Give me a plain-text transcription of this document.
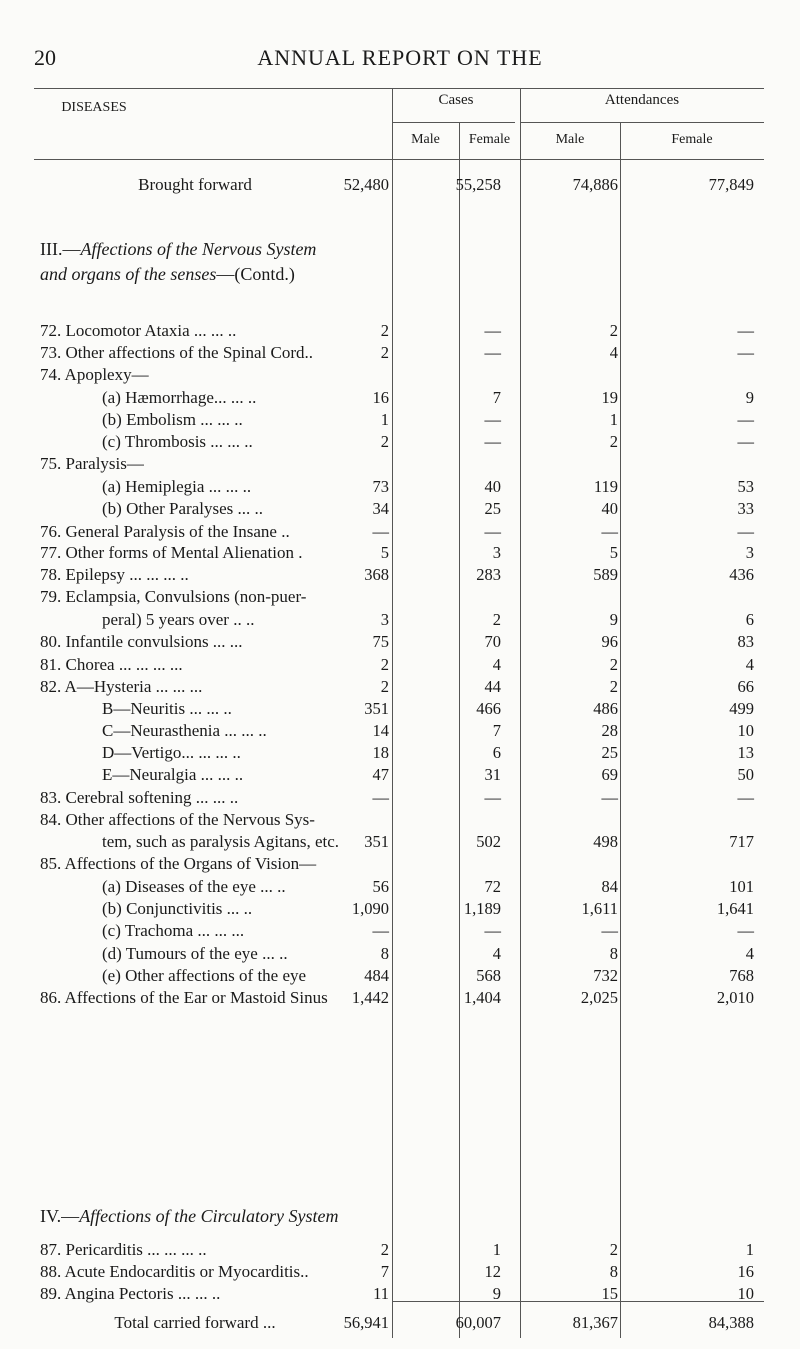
20	ANNUAL REPORT ON THE
DISEASES	Cases	Attendances
Male	Female	Male	Female
Brought forward	52,480	55,258	74,886	77,849
III.—Affections of the Nervous System
and organs of the senses—(Contd.)
72. Locomotor Ataxia ... ... ..	2	—	2	—
73. Other affections of the Spinal Cord..	2	—	4	—
74. Apoplexy—
(a) Hæmorrhage... ... ..	16	7	19	9
(b) Embolism ... ... ..	1	—	1	—
(c) Thrombosis ... ... ..	2	—	2	—
75. Paralysis—
(a) Hemiplegia ... ... ..	73	40	119	53
(b) Other Paralyses ... ..	34	25	40	33
76. General Paralysis of the Insane ..	—	—	—	—
77. Other forms of Mental Alienation .	5	3	5	3
78. Epilepsy ... ... ... ..	368	283	589	436
79. Eclampsia, Convulsions (non-puer-
peral) 5 years over .. ..	3	2	9	6
80. Infantile convulsions ... ...	75	70	96	83
81. Chorea ... ... ... ...	2	4	2	4
82. A—Hysteria ... ... ...	2	44	2	66
B—Neuritis ... ... ..	351	466	486	499
C—Neurasthenia ... ... ..	14	7	28	10
D—Vertigo... ... ... ..	18	6	25	13
E—Neuralgia ... ... ..	47	31	69	50
83. Cerebral softening ... ... ..	—	—	—	—
84. Other affections of the Nervous Sys-
tem, such as paralysis Agitans, etc.	351	502	498	717
85. Affections of the Organs of Vision—
(a) Diseases of the eye ... ..	56	72	84	101
(b) Conjunctivitis ... ..	1,090	1,189	1,611	1,641
(c) Trachoma ... ... ...	—	—	—	—
(d) Tumours of the eye ... ..	8	4	8	4
(e) Other affections of the eye	484	568	732	768
86. Affections of the Ear or Mastoid Sinus	1,442	1,404	2,025	2,010
87. Pericarditis ... ... ... ..	2	1	2	1
88. Acute Endocarditis or Myocarditis..	7	12	8	16
89. Angina Pectoris ... ... ..	11	9	15	10
IV.—Affections of the Circulatory System
Total carried forward ...	56,941	60,007	81,367	84,388
